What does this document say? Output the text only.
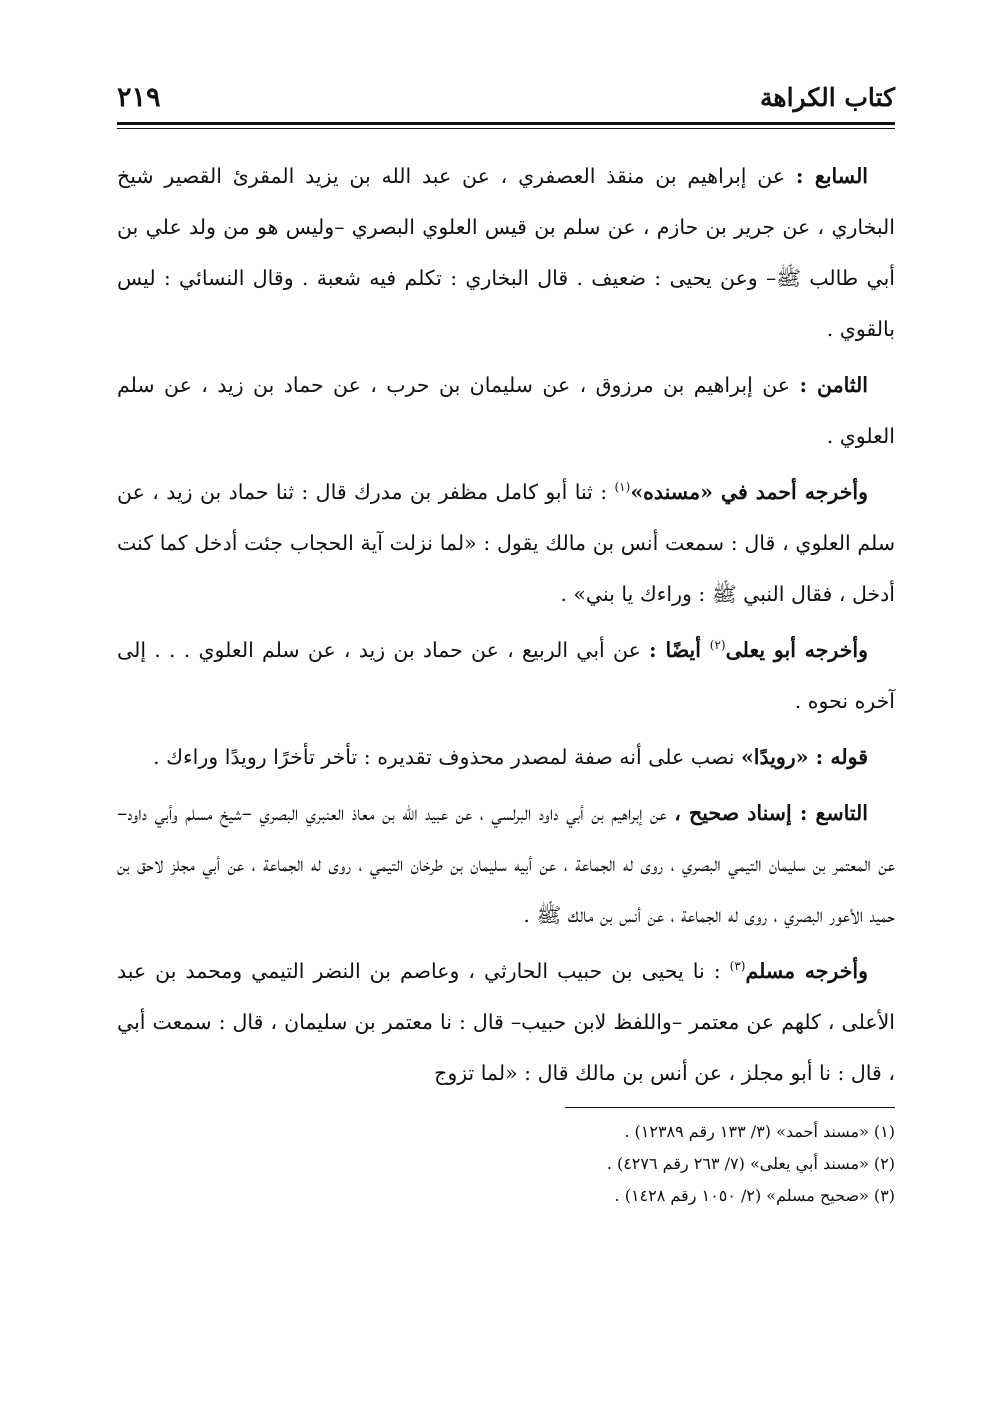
كتاب الكراهة
٢١٩

السابع : عن إبراهيم بن منقذ العصفري ، عن عبد الله بن يزيد المقرئ القصير شيخ البخاري ، عن جرير بن حازم ، عن سلم بن قيس العلوي البصري –وليس هو من ولد علي بن أبي طالب ﷺ– وعن يحيى : ضعيف . قال البخاري : تكلم فيه شعبة . وقال النسائي : ليس بالقوي .

الثامن : عن إبراهيم بن مرزوق ، عن سليمان بن حرب ، عن حماد بن زيد ، عن سلم العلوي .

وأخرجه أحمد في «مسنده»$^{(١)}$ : ثنا أبو كامل مظفر بن مدرك قال : ثنا حماد بن زيد ، عن سلم العلوي ، قال : سمعت أنس بن مالك يقول : «لما نزلت آية الحجاب جئت أدخل كما كنت أدخل ، فقال النبي ﷺ : وراءك يا بني» .

وأخرجه أبو يعلى$^{(٢)}$ أيضًا : عن أبي الربيع ، عن حماد بن زيد ، عن سلم العلوي . . . إلى آخره نحوه .

قوله : «رويدًا» نصب على أنه صفة لمصدر محذوف تقديره : تأخر تأخرًا رويدًا وراءك .

التاسع : إسناد صحيح ، عن إبراهيم بن أبي داود البرلسي ، عن عبيد الله بن معاذ العنبري البصري –شيخ مسلم وأبي داود– عن المعتمر بن سليمان التيمي البصري ، روى له الجماعة ، عن أبيه سليمان بن طرخان التيمي ، روى له الجماعة ، عن أبي مجلز لاحق بن حميد الأعور البصري ، روى له الجماعة ، عن أنس بن مالك ﷺ .

وأخرجه مسلم$^{(٣)}$ : نا يحيى بن حبيب الحارثي ، وعاصم بن النضر التيمي ومحمد بن عبد الأعلى ، كلهم عن معتمر –واللفظ لابن حبيب– قال : نا معتمر بن سليمان ، قال : سمعت أبي ، قال : نا أبو مجلز ، عن أنس بن مالك قال : «لما تزوج

(١) «مسند أحمد» (٣/ ١٣٣ رقم ١٢٣٨٩) .

(٢) «مسند أبي يعلى» (٧/ ٢٦٣ رقم ٤٢٧٦) .

(٣) «صحيح مسلم» (٢/ ١٠٥٠ رقم ١٤٢٨) .
